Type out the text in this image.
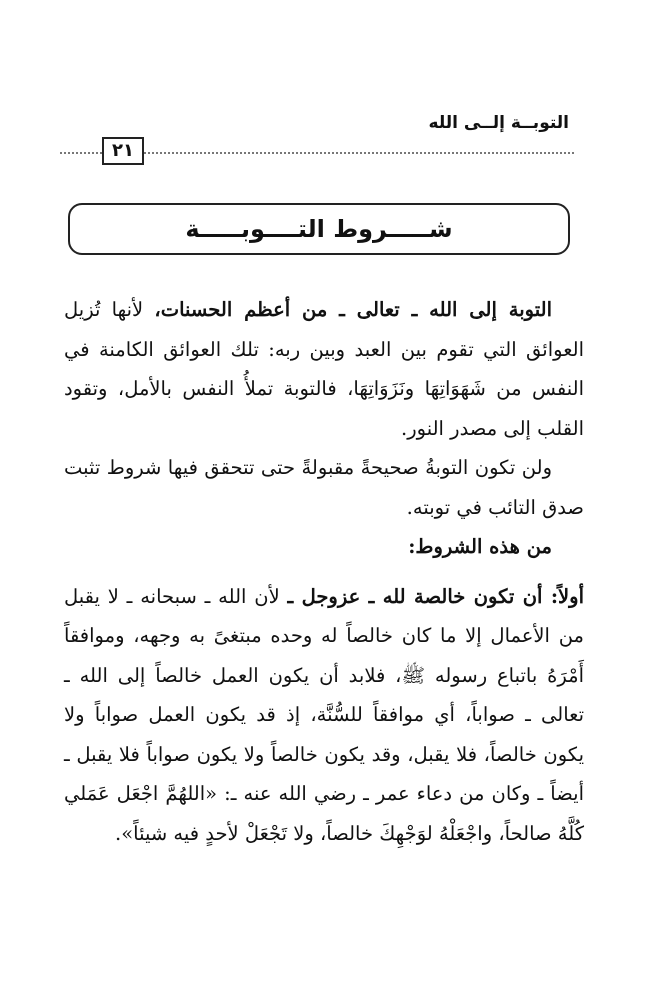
التوبــة إلــى الله
٢١
شـــــروط التــــوبـــــة

التوبة إلى الله ـ تعالى ـ من أعظم الحسنات، لأنها تُزيل العوائق التي تقوم بين العبد وبين ربه: تلك العوائق الكامنة في النفس من شَهَوَاتِهَا ونَزَوَاتِهَا، فالتوبة تملأُ النفس بالأمل، وتقود القلب إلى مصدر النور.

ولن تكون التوبةُ صحيحةً مقبولةً حتى تتحقق فيها شروط تثبت صدق التائب في توبته.

من هذه الشروط:

أولاً: أن تكون خالصة لله ـ عزوجل ـ لأن الله ـ سبحانه ـ لا يقبل من الأعمال إلا ما كان خالصاً له وحده مبتغىً به وجهه، وموافقاً أَمْرَهُ باتباع رسوله ﷺ، فلابد أن يكون العمل خالصاً إلى الله ـ تعالى ـ صواباً، أي موافقاً للسُّنَّة، إذ قد يكون العمل صواباً ولا يكون خالصاً، فلا يقبل، وقد يكون خالصاً ولا يكون صواباً فلا يقبل ـ أيضاً ـ وكان من دعاء عمر ـ رضي الله عنه ـ: «اللهُمَّ اجْعَل عَمَلي كُلَّهُ صالحاً، واجْعَلْهُ لوَجْهِكَ خالصاً، ولا تَجْعَلْ لأحدٍ فيه شيئاً».
